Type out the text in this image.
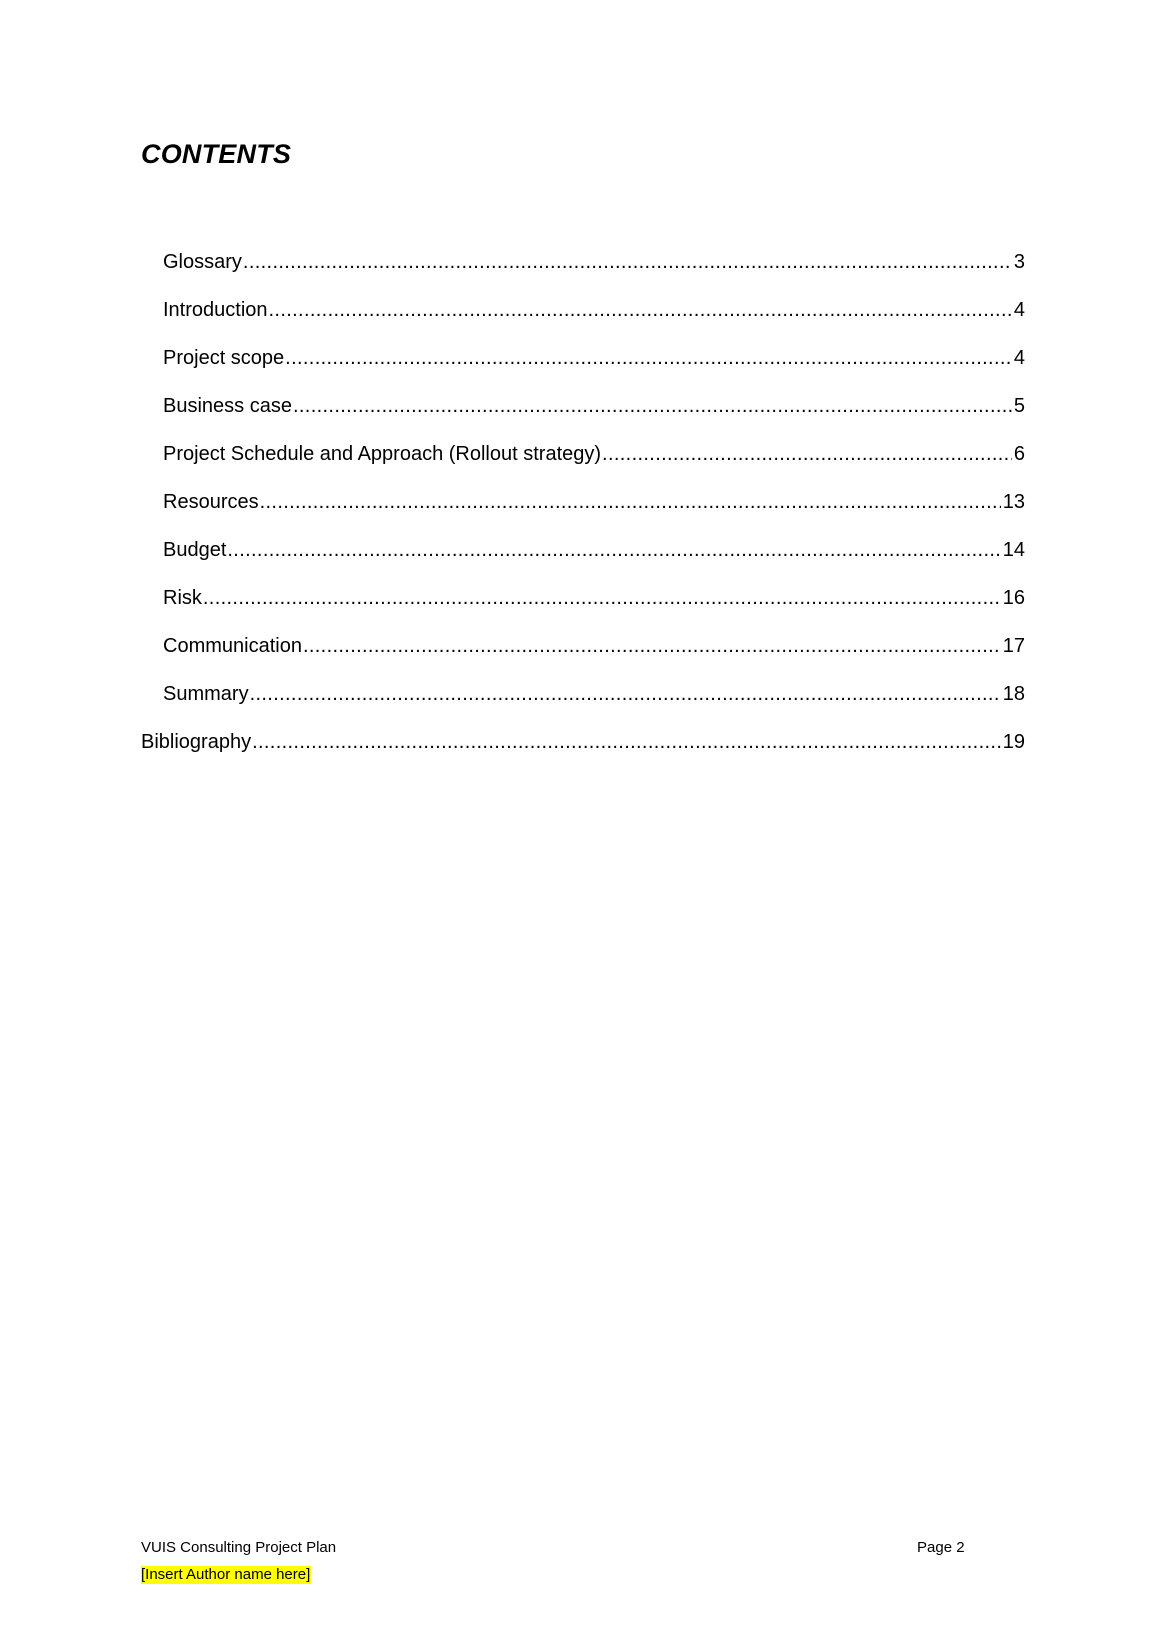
CONTENTS
Glossary .....	3
Introduction .....	4
Project scope .....	4
Business case .....	5
Project Schedule and Approach (Rollout strategy) .....	6
Resources .....	13
Budget .....	14
Risk .....	16
Communication .....	17
Summary .....	18
Bibliography .....	19
VUIS Consulting Project Plan
[Insert Author name here]
Page 2
